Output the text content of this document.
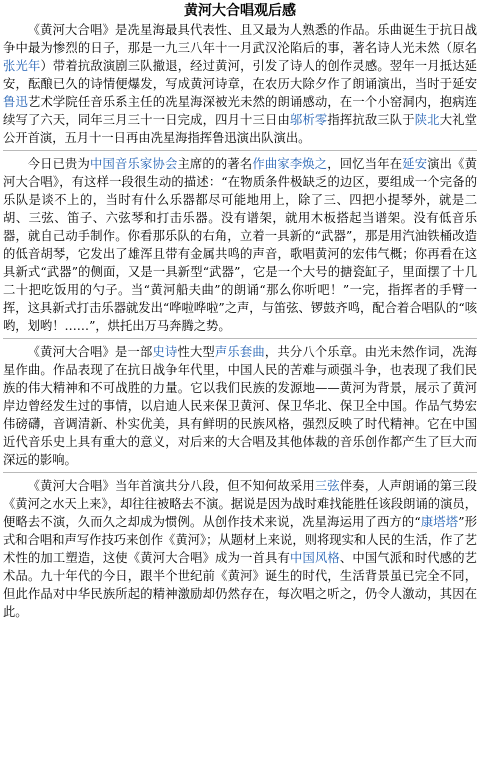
黄河大合唱观后感

《黄河大合唱》是冼星海最具代表性、且又最为人熟悉的作品。乐曲诞生于抗日战争中最为惨烈的日子，那是一九三八年十一月武汉沦陷后的事，著名诗人光未然（原名张光年）带着抗敌演剧三队撤退，经过黄河，引发了诗人的创作灵感。翌年一月抵达延安，酝酿已久的诗情便爆发，写成黄河诗章，在农历大除夕作了朗诵演出，当时于延安鲁迅艺术学院任音乐系主任的冼星海深被光未然的朗诵感动，在一个小窑洞内，抱病连续写了六天，同年三月三十一日完成，四月十三日由邬析零指挥抗敌三队于陕北大礼堂公开首演，五月十一日再由冼星海指挥鲁迅演出队演出。

今日已贵为中国音乐家协会主席的的著名作曲家李焕之，回忆当年在延安演出《黄河大合唱》，有这样一段很生动的描述：“在物质条件极缺乏的边区，要组成一个完备的乐队是谈不上的，当时有什么乐器都尽可能地用上，除了三、四把小提琴外，就是二胡、三弦、笛子、六弦琴和打击乐器。没有谱架，就用木板搭起当谱架。没有低音乐器，就自己动手制作。你看那乐队的右角，立着一具新的“武器”，那是用汽油铁桶改造的低音胡琴，它发出了雄浑且带有金属共鸣的声音，歌唱黄河的宏伟气概；你再看在这具新式“武器”的侧面，又是一具新型“武器”，它是一个大号的搪瓷缸子，里面摆了十几二十把吃饭用的勺子。当“黄河船夫曲”的朗诵“那么你听吧！”一完，指挥者的手臂一挥，这具新式打击乐器就发出“哗啦哗啦”之声，与笛弦、锣鼓齐鸣，配合着合唱队的“咳哟，划哟！……”，烘托出万马奔腾之势。

《黄河大合唱》是一部史诗性大型声乐套曲，共分八个乐章。由光未然作词，冼海星作曲。作品表现了在抗日战争年代里，中国人民的苦难与顽强斗争，也表现了我们民族的伟大精神和不可战胜的力量。它以我们民族的发源地——黄河为背景，展示了黄河岸边曾经发生过的事情，以启迪人民来保卫黄河、保卫华北、保卫全中国。作品气势宏伟磅礴，音调清新、朴实优美，具有鲜明的民族风格，强烈反映了时代精神。它在中国近代音乐史上具有重大的意义，对后来的大合唱及其他体裁的音乐创作都产生了巨大而深远的影响。

《黄河大合唱》当年首演共分八段，但不知何故采用三弦伴奏，人声朗诵的第三段《黄河之水天上来》，却往往被略去不演。据说是因为战时难找能胜任该段朗诵的演员，便略去不演，久而久之却成为惯例。从创作技术来说，冼星海运用了西方的“康塔塔”形式和合唱和声写作技巧来创作《黄河》；从题材上来说，则将现实和人民的生活，作了艺术性的加工塑造，这使《黄河大合唱》成为一首具有中国风格、中国气派和时代感的艺术品。九十年代的今日，跟半个世纪前《黄河》诞生的时代，生活背景虽已完全不同，但此作品对中华民族所起的精神激励却仍然存在，每次唱之听之，仍令人激动，其因在此。
